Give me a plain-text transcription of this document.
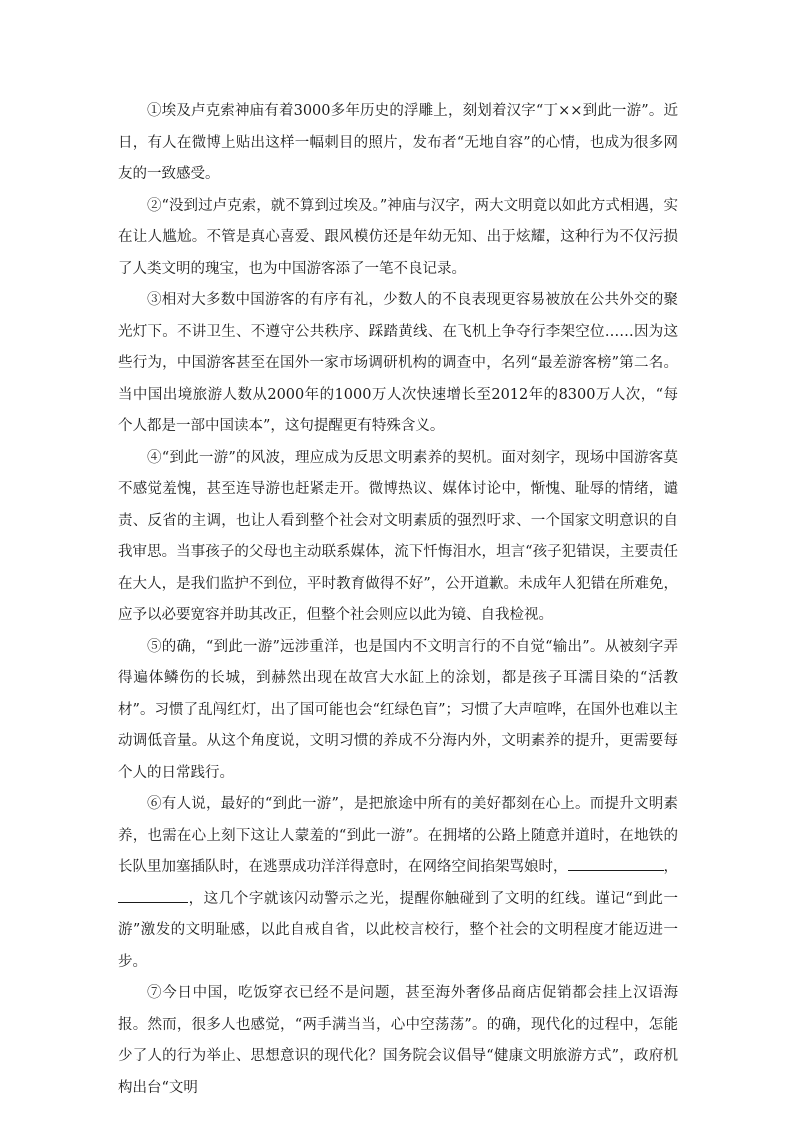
①埃及卢克索神庙有着3000多年历史的浮雕上，刻划着汉字“丁××到此一游”。近日，有人在微博上贴出这样一幅刺目的照片，发布者“无地自容”的心情，也成为很多网友的一致感受。

②“没到过卢克索，就不算到过埃及。”神庙与汉字，两大文明竟以如此方式相遇，实在让人尴尬。不管是真心喜爱、跟风模仿还是年幼无知、出于炫耀，这种行为不仅污损了人类文明的瑰宝，也为中国游客添了一笔不良记录。

③相对大多数中国游客的有序有礼，少数人的不良表现更容易被放在公共外交的聚光灯下。不讲卫生、不遵守公共秩序、踩踏黄线、在飞机上争夺行李架空位……因为这些行为，中国游客甚至在国外一家市场调研机构的调查中，名列“最差游客榜”第二名。当中国出境旅游人数从2000年的1000万人次快速增长至2012年的8300万人次，“每个人都是一部中国读本”，这句提醒更有特殊含义。

④“到此一游”的风波，理应成为反思文明素养的契机。面对刻字，现场中国游客莫不感觉羞愧，甚至连导游也赶紧走开。微博热议、媒体讨论中，惭愧、耻辱的情绪，谴责、反省的主调，也让人看到整个社会对文明素质的强烈吁求、一个国家文明意识的自我审思。当事孩子的父母也主动联系媒体，流下忏悔泪水，坦言“孩子犯错误，主要责任在大人，是我们监护不到位，平时教育做得不好”，公开道歉。未成年人犯错在所难免，应予以必要宽容并助其改正，但整个社会则应以此为镜、自我检视。

⑤的确，“到此一游”远涉重洋，也是国内不文明言行的不自觉“输出”。从被刻字弄得遍体鳞伤的长城，到赫然出现在故宫大水缸上的涂划，都是孩子耳濡目染的“活教材”。习惯了乱闯红灯，出了国可能也会“红绿色盲”；习惯了大声喧哗，在国外也难以主动调低音量。从这个角度说，文明习惯的养成不分海内外，文明素养的提升，更需要每个人的日常践行。

⑥有人说，最好的“到此一游”，是把旅途中所有的美好都刻在心上。而提升文明素养，也需在心上刻下这让人蒙羞的“到此一游”。在拥堵的公路上随意并道时，在地铁的长队里加塞插队时，在逃票成功洋洋得意时，在网络空间掐架骂娘时，	，，这几个字就该闪动警示之光，提醒你触碰到了文明的红线。谨记“到此一游”激发的文明耻感，以此自戒自省，以此校言校行，整个社会的文明程度才能迈进一步。

⑦今日中国，吃饭穿衣已经不是问题，甚至海外奢侈品商店促销都会挂上汉语海报。然而，很多人也感觉，“两手满当当，心中空荡荡”。的确，现代化的过程中，怎能少了人的行为举止、思想意识的现代化？国务院会议倡导“健康文明旅游方式”，政府机构出台“文明
